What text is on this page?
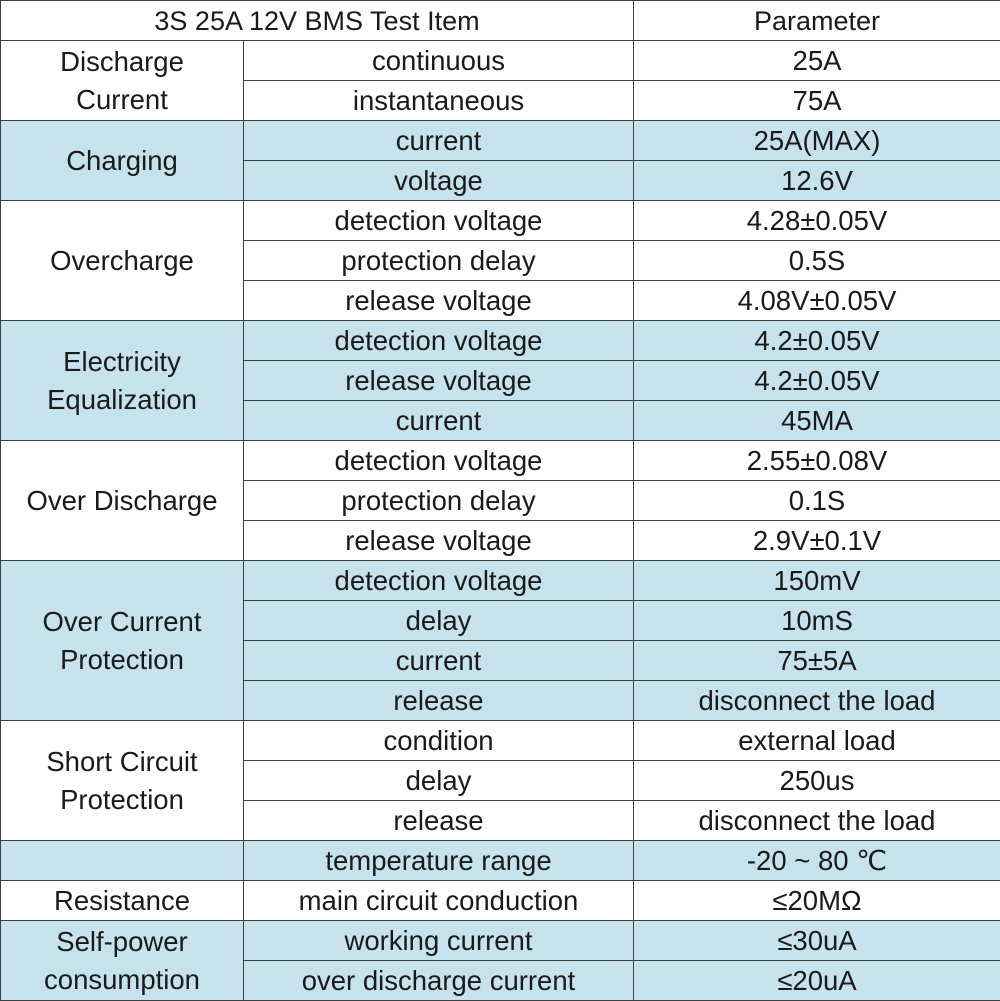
3S 25A 12V BMS Test Item		Parameter

Discharge
Current	continuous	25A
	instantaneous	75A

Charging	current	25A(MAX)
	voltage	12.6V

Overcharge	detection voltage	4.28±0.05V
	protection delay	0.5S
	release voltage	4.08V±0.05V

Electricity
Equalization	detection voltage	4.2±0.05V
	release voltage	4.2±0.05V
	current	45MA

Over Discharge	detection voltage	2.55±0.08V
	protection delay	0.1S
	release voltage	2.9V±0.1V

Over Current
Protection	detection voltage	150mV
	delay	10mS
	current	75±5A
	release	disconnect the load

Short Circuit
Protection	condition	external load
	delay	250us
	release	disconnect the load

	temperature range	-20 ~ 80 ℃

Resistance	main circuit conduction	≤20MΩ

Self-power
consumption	working current	≤30uA
	over discharge current	≤20uA
